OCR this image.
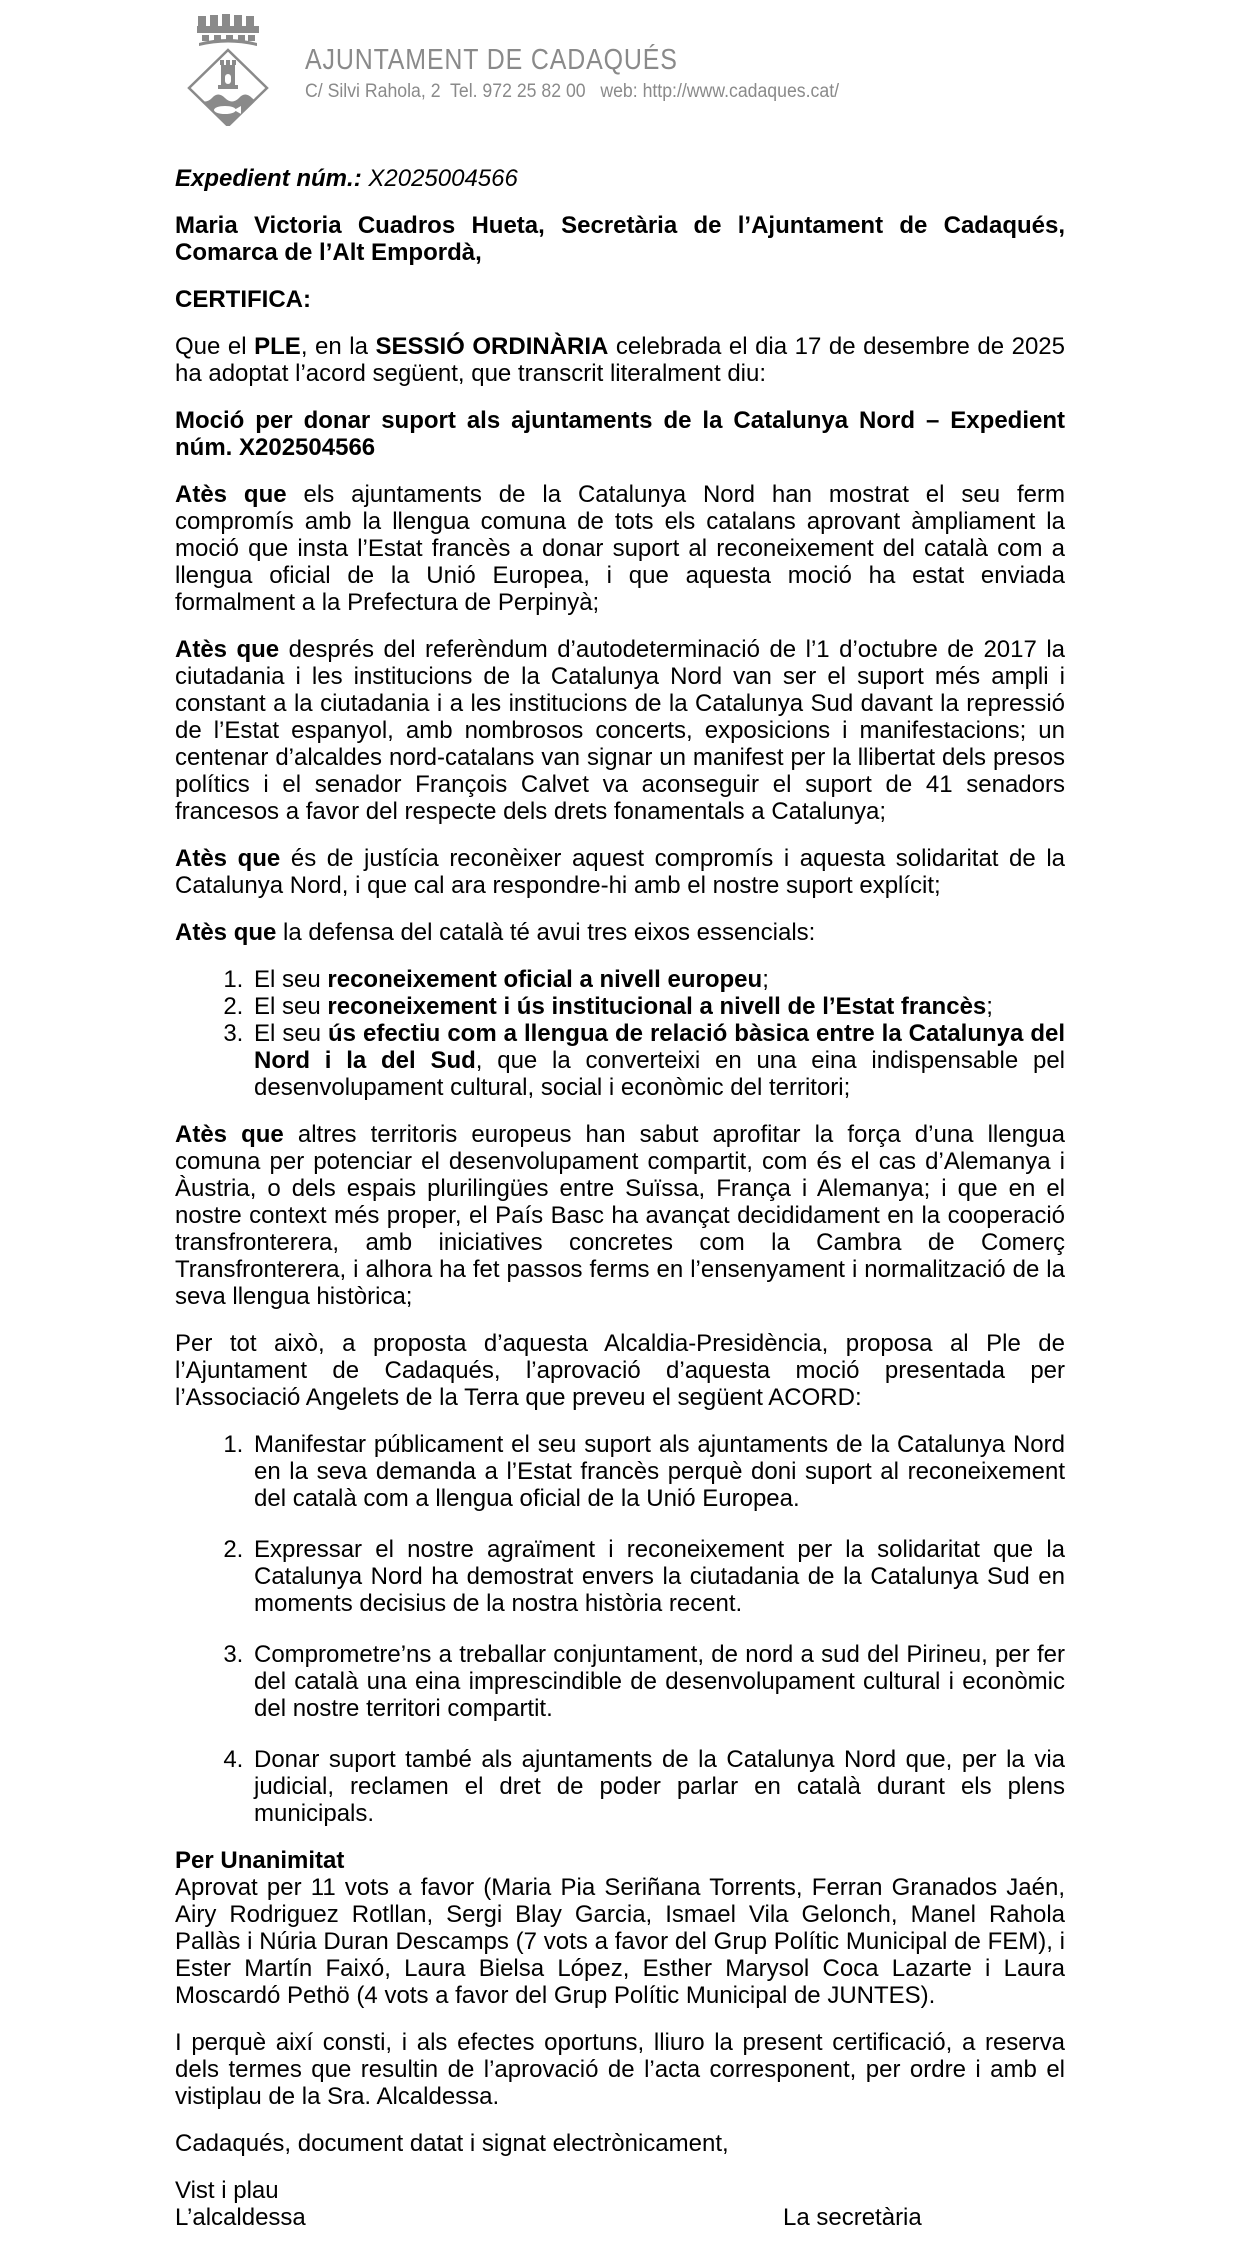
AJUNTAMENT DE CADAQUÉS
C/ Silvi Rahola, 2  Tel. 972 25 82 00   web: http://www.cadaques.cat/

Expedient núm.: X2025004566

Maria Victoria Cuadros Hueta, Secretària de l’Ajuntament de Cadaqués, Comarca de l’Alt Empordà,

CERTIFICA:

Que el PLE, en la SESSIÓ ORDINÀRIA celebrada el dia 17 de desembre de 2025 ha adoptat l’acord següent, que transcrit literalment diu:

Moció per donar suport als ajuntaments de la Catalunya Nord – Expedient núm. X202504566

Atès que els ajuntaments de la Catalunya Nord han mostrat el seu ferm compromís amb la llengua comuna de tots els catalans aprovant àmpliament la moció que insta l’Estat francès a donar suport al reconeixement del català com a llengua oficial de la Unió Europea, i que aquesta moció ha estat enviada formalment a la Prefectura de Perpinyà;

Atès que després del referèndum d’autodeterminació de l’1 d’octubre de 2017 la ciutadania i les institucions de la Catalunya Nord van ser el suport més ampli i constant a la ciutadania i a les institucions de la Catalunya Sud davant la repressió de l’Estat espanyol, amb nombrosos concerts, exposicions i manifestacions; un centenar d’alcaldes nord-catalans van signar un manifest per la llibertat dels presos polítics i el senador François Calvet va aconseguir el suport de 41 senadors francesos a favor del respecte dels drets fonamentals a Catalunya;

Atès que és de justícia reconèixer aquest compromís i aquesta solidaritat de la Catalunya Nord, i que cal ara respondre-hi amb el nostre suport explícit;

Atès que la defensa del català té avui tres eixos essencials:

1. El seu reconeixement oficial a nivell europeu;
2. El seu reconeixement i ús institucional a nivell de l’Estat francès;
3. El seu ús efectiu com a llengua de relació bàsica entre la Catalunya del Nord i la del Sud, que la converteixi en una eina indispensable pel desenvolupament cultural, social i econòmic del territori;

Atès que altres territoris europeus han sabut aprofitar la força d’una llengua comuna per potenciar el desenvolupament compartit, com és el cas d’Alemanya i Àustria, o dels espais plurilingües entre Suïssa, França i Alemanya; i que en el nostre context més proper, el País Basc ha avançat decididament en la cooperació transfronterera, amb iniciatives concretes com la Cambra de Comerç Transfronterera, i alhora ha fet passos ferms en l’ensenyament i normalització de la seva llengua històrica;

Per tot això, a proposta d’aquesta Alcaldia-Presidència, proposa al Ple de l’Ajuntament de Cadaqués, l’aprovació d’aquesta moció presentada per l’Associació Angelets de la Terra que preveu el següent ACORD:

1. Manifestar públicament el seu suport als ajuntaments de la Catalunya Nord en la seva demanda a l’Estat francès perquè doni suport al reconeixement del català com a llengua oficial de la Unió Europea.
2. Expressar el nostre agraïment i reconeixement per la solidaritat que la Catalunya Nord ha demostrat envers la ciutadania de la Catalunya Sud en moments decisius de la nostra història recent.
3. Comprometre’ns a treballar conjuntament, de nord a sud del Pirineu, per fer del català una eina imprescindible de desenvolupament cultural i econòmic del nostre territori compartit.
4. Donar suport també als ajuntaments de la Catalunya Nord que, per la via judicial, reclamen el dret de poder parlar en català durant els plens municipals.

Per Unanimitat

Aprovat per 11 vots a favor (Maria Pia Seriñana Torrents, Ferran Granados Jaén, Airy Rodriguez Rotllan, Sergi Blay Garcia, Ismael Vila Gelonch, Manel Rahola Pallàs i Núria Duran Descamps (7 vots a favor del Grup Polític Municipal de FEM), i Ester Martín Faixó, Laura Bielsa López, Esther Marysol Coca Lazarte i Laura Moscardó Pethö (4 vots a favor del Grup Polític Municipal de JUNTES).

I perquè així consti, i als efectes oportuns, lliuro la present certificació, a reserva dels termes que resultin de l’aprovació de l’acta corresponent, per ordre i amb el vistiplau de la Sra. Alcaldessa.

Cadaqués, document datat i signat electrònicament,

Vist i plau

L’alcaldessa	La secretària
